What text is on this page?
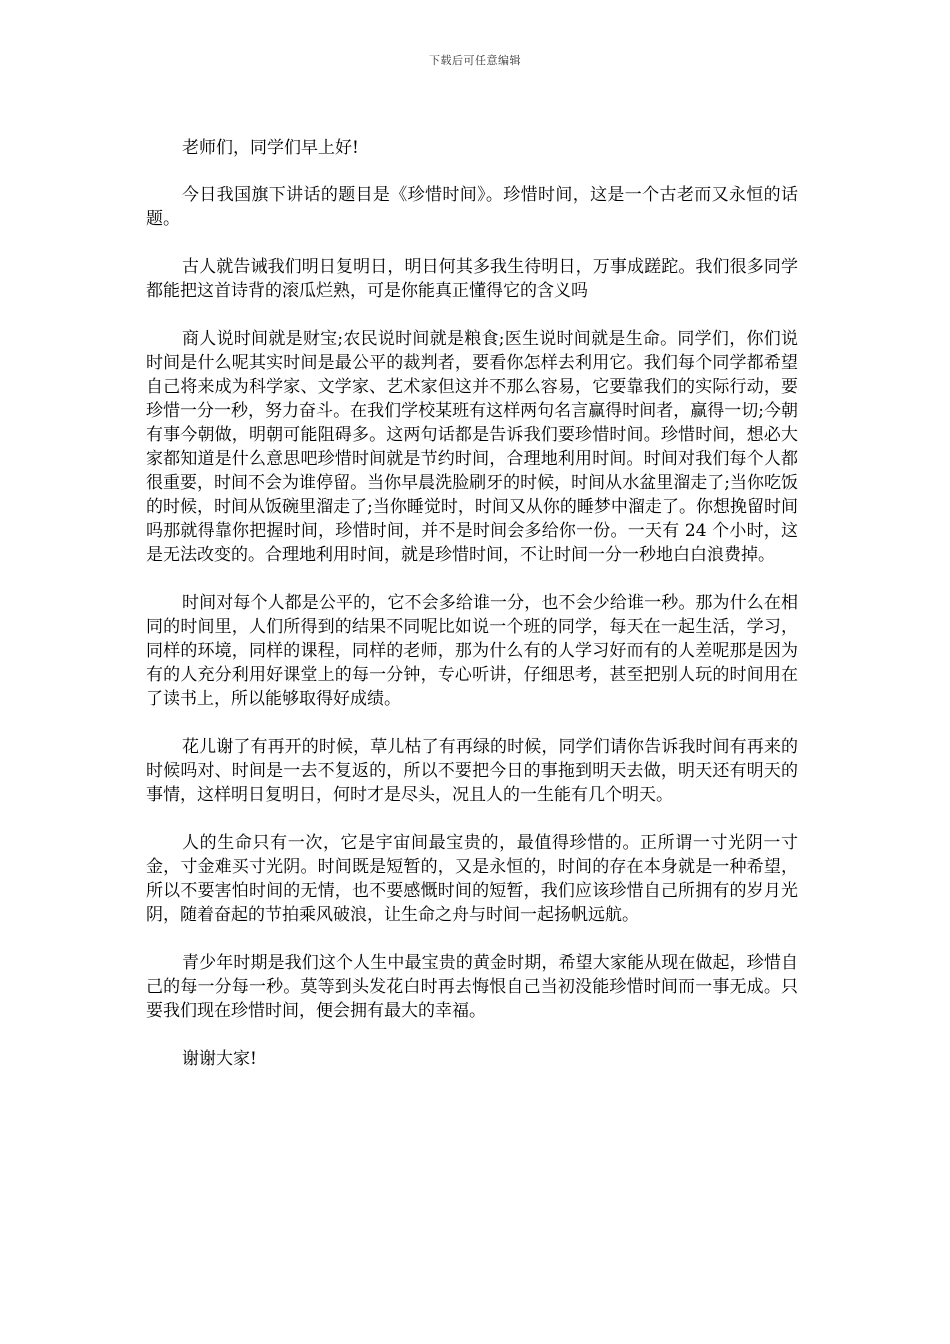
下载后可任意编辑

老师们，同学们早上好!

今日我国旗下讲话的题目是《珍惜时间》。珍惜时间，这是一个古老而又永恒的话题。

古人就告诫我们明日复明日，明日何其多我生待明日，万事成蹉跎。我们很多同学都能把这首诗背的滚瓜烂熟，可是你能真正懂得它的含义吗

商人说时间就是财宝;农民说时间就是粮食;医生说时间就是生命。同学们，你们说时间是什么呢其实时间是最公平的裁判者，要看你怎样去利用它。我们每个同学都希望自己将来成为科学家、文学家、艺术家但这并不那么容易，它要靠我们的实际行动，要珍惜一分一秒，努力奋斗。在我们学校某班有这样两句名言赢得时间者，赢得一切;今朝有事今朝做，明朝可能阻碍多。这两句话都是告诉我们要珍惜时间。珍惜时间，想必大家都知道是什么意思吧珍惜时间就是节约时间，合理地利用时间。时间对我们每个人都很重要，时间不会为谁停留。当你早晨洗脸刷牙的时候，时间从水盆里溜走了;当你吃饭的时候，时间从饭碗里溜走了;当你睡觉时，时间又从你的睡梦中溜走了。你想挽留时间吗那就得靠你把握时间，珍惜时间，并不是时间会多给你一份。一天有 24 个小时，这是无法改变的。合理地利用时间，就是珍惜时间，不让时间一分一秒地白白浪费掉。

时间对每个人都是公平的，它不会多给谁一分，也不会少给谁一秒。那为什么在相同的时间里，人们所得到的结果不同呢比如说一个班的同学，每天在一起生活，学习，同样的环境，同样的课程，同样的老师，那为什么有的人学习好而有的人差呢那是因为有的人充分利用好课堂上的每一分钟，专心听讲，仔细思考，甚至把别人玩的时间用在了读书上，所以能够取得好成绩。

花儿谢了有再开的时候，草儿枯了有再绿的时候，同学们请你告诉我时间有再来的时候吗对、时间是一去不复返的，所以不要把今日的事拖到明天去做，明天还有明天的事情，这样明日复明日，何时才是尽头，况且人的一生能有几个明天。

人的生命只有一次，它是宇宙间最宝贵的，最值得珍惜的。正所谓一寸光阴一寸金，寸金难买寸光阴。时间既是短暂的，又是永恒的，时间的存在本身就是一种希望，所以不要害怕时间的无情，也不要感慨时间的短暂，我们应该珍惜自己所拥有的岁月光阴，随着奋起的节拍乘风破浪，让生命之舟与时间一起扬帆远航。

青少年时期是我们这个人生中最宝贵的黄金时期，希望大家能从现在做起，珍惜自己的每一分每一秒。莫等到头发花白时再去悔恨自己当初没能珍惜时间而一事无成。只要我们现在珍惜时间，便会拥有最大的幸福。

谢谢大家!
